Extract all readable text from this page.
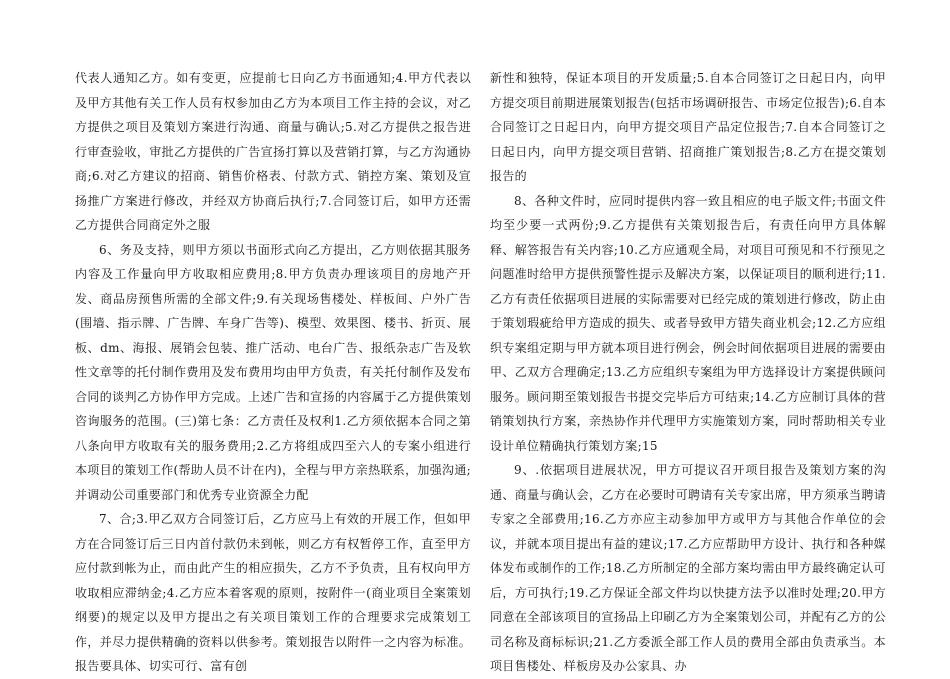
代表人通知乙方。如有变更，应提前七日向乙方书面通知;4.甲方代表以及甲方其他有关工作人员有权参加由乙方为本项目工作主持的会议，对乙方提供之项目及策划方案进行沟通、商量与确认;5.对乙方提供之报告进行审查验收，审批乙方提供的广告宣扬打算以及营销打算，与乙方沟通协商;6.对乙方建议的招商、销售价格表、付款方式、销控方案、策划及宣扬推广方案进行修改，并经双方协商后执行;7.合同签订后，如甲方还需乙方提供合同商定外之服

6、务及支持，则甲方须以书面形式向乙方提出，乙方则依据其服务内容及工作量向甲方收取相应费用;8.甲方负责办理该项目的房地产开发、商品房预售所需的全部文件;9.有关现场售楼处、样板间、户外广告(围墙、指示牌、广告牌、车身广告等)、模型、效果图、楼书、折页、展板、dm、海报、展销会包装、推广活动、电台广告、报纸杂志广告及软性文章等的托付制作费用及发布费用均由甲方负责，有关托付制作及发布合同的谈判乙方协作甲方完成。上述广告和宣扬的内容属于乙方提供策划咨询服务的范围。(三)第七条：乙方责任及权利1.乙方须依据本合同之第八条向甲方收取有关的服务费用;2.乙方将组成四至六人的专案小组进行本项目的策划工作(帮助人员不计在内)，全程与甲方亲热联系，加强沟通;并调动公司重要部门和优秀专业资源全力配

7、合;3.甲乙双方合同签订后，乙方应马上有效的开展工作，但如甲方在合同签订后三日内首付款仍未到帐，则乙方有权暂停工作，直至甲方应付款到帐为止，而由此产生的相应损失，乙方不予负责，且有权向甲方收取相应滞纳金;4.乙方应本着客观的原则，按附件一(商业项目全案策划纲要)的规定以及甲方提出之有关项目策划工作的合理要求完成策划工作，并尽力提供精确的资料以供参考。策划报告以附件一之内容为标准。报告要具体、切实可行、富有创

新性和独特，保证本项目的开发质量;5.自本合同签订之日起日内，向甲方提交项目前期进展策划报告(包括市场调研报告、市场定位报告);6.自本合同签订之日起日内，向甲方提交项目产品定位报告;7.自本合同签订之日起日内，向甲方提交项目营销、招商推广策划报告;8.乙方在提交策划报告的

8、各种文件时，应同时提供内容一致且相应的电子版文件;书面文件均至少要一式两份;9.乙方提供有关策划报告后，有责任向甲方具体解释、解答报告有关内容;10.乙方应通观全局，对项目可预见和不行预见之问题准时给甲方提供预警性提示及解决方案，以保证项目的顺利进行;11.乙方有责任依据项目进展的实际需要对已经完成的策划进行修改，防止由于策划瑕疵给甲方造成的损失、或者导致甲方错失商业机会;12.乙方应组织专案组定期与甲方就本项目进行例会，例会时间依据项目进展的需要由甲、乙双方合理确定;13.乙方应组织专案组为甲方选择设计方案提供顾问服务。顾问期至策划报告书提交完毕后方可结束;14.乙方应制订具体的营销策划执行方案，亲热协作并代理甲方实施策划方案，同时帮助相关专业设计单位精确执行策划方案;15

9、.依据项目进展状况，甲方可提议召开项目报告及策划方案的沟通、商量与确认会，乙方在必要时可聘请有关专家出席，甲方须承当聘请专家之全部费用;16.乙方亦应主动参加甲方或甲方与其他合作单位的会议，并就本项目提出有益的建议;17.乙方应帮助甲方设计、执行和各种媒体发布或制作的工作;18.乙方所制定的全部方案均需由甲方最终确定认可后，方可执行;19.乙方保证全部文件均以快捷方法予以准时处理;20.甲方同意在全部该项目的宣扬品上印刷乙方为全案策划公司，并配有乙方的公司名称及商标标识;21.乙方委派全部工作人员的费用全部由负责承当。本项目售楼处、样板房及办公家具、办
